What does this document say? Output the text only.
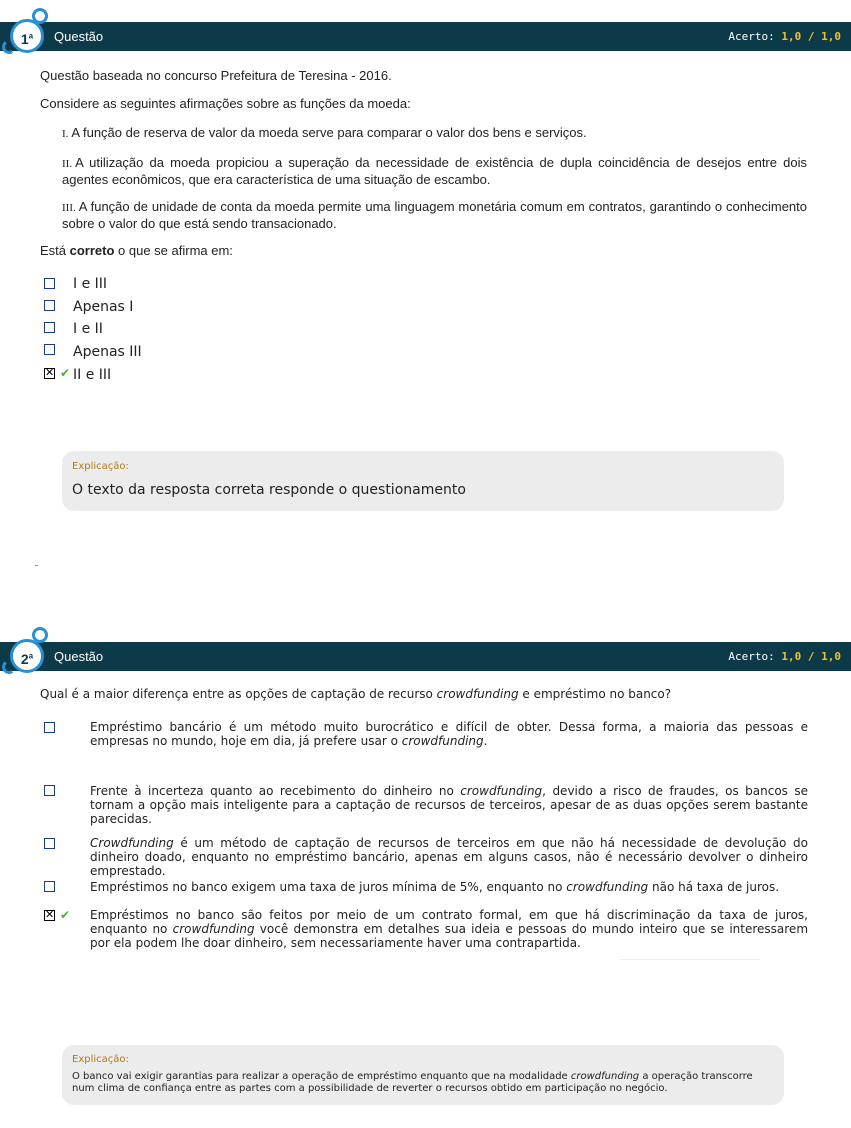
Questão	Acerto: 1,0 / 1,0
1$^a$
Questão baseada no concurso Prefeitura de Teresina - 2016.
Considere as seguintes afirmações sobre as funções da moeda:
I. A função de reserva de valor da moeda serve para comparar o valor dos bens e serviços.
II. A utilização da moeda propiciou a superação da necessidade de existência de dupla coincidência de desejos entre dois agentes econômicos, que era característica de uma situação de escambo.
III. A função de unidade de conta da moeda permite uma linguagem monetária comum em contratos, garantindo o conhecimento sobre o valor do que está sendo transacionado.
Está correto o que se afirma em:
I e III
Apenas I
I e II
Apenas III
✕
✔ II e III
Explicação:
O texto da resposta correta responde o questionamento
Questão	Acerto: 1,0 / 1,0
2$^a$
Qual é a maior diferença entre as opções de captação de recurso crowdfunding e empréstimo no banco?
Empréstimo bancário é um método muito burocrático e difícil de obter. Dessa forma, a maioria das pessoas e empresas no mundo, hoje em dia, já prefere usar o crowdfunding.
Frente à incerteza quanto ao recebimento do dinheiro no crowdfunding, devido a risco de fraudes, os bancos se tornam a opção mais inteligente para a captação de recursos de terceiros, apesar de as duas opções serem bastante parecidas.
Crowdfunding é um método de captação de recursos de terceiros em que não há necessidade de devolução do dinheiro doado, enquanto no empréstimo bancário, apenas em alguns casos, não é necessário devolver o dinheiro emprestado.
Empréstimos no banco exigem uma taxa de juros mínima de 5%, enquanto no crowdfunding não há taxa de juros.
✕
✔ Empréstimos no banco são feitos por meio de um contrato formal, em que há discriminação da taxa de juros, enquanto no crowdfunding você demonstra em detalhes sua ideia e pessoas do mundo inteiro que se interessarem por ela podem lhe doar dinheiro, sem necessariamente haver uma contrapartida.
Explicação:
O banco vai exigir garantias para realizar a operação de empréstimo enquanto que na modalidade crowdfunding a operação transcorre num clima de confiança entre as partes com a possibilidade de reverter o recursos obtido em participação no negócio.
